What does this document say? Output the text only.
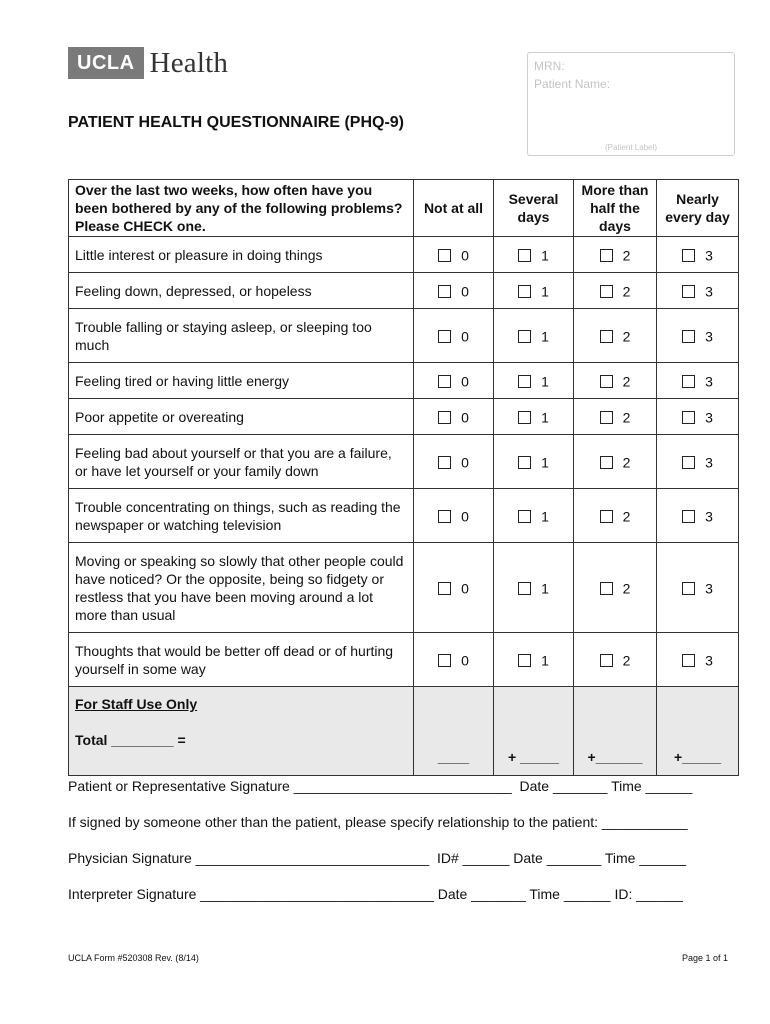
UCLA Health	MRN:
Patient Name:
(Patient Label)
PATIENT HEALTH QUESTIONNAIRE (PHQ-9)
Over the last two weeks, how often have you been bothered by any of the following problems? Please CHECK one.	Not at all	Several days	More than half the days	Nearly every day
Little interest or pleasure in doing things	0	1	2	3
Feeling down, depressed, or hopeless	0	1	2	3
Trouble falling or staying asleep, or sleeping too much	0	1	2	3
Feeling tired or having little energy	0	1	2	3
Poor appetite or overeating	0	1	2	3
Feeling bad about yourself or that you are a failure, or have let yourself or your family down	0	1	2	3
Trouble concentrating on things, such as reading the newspaper or watching television	0	1	2	3
Moving or speaking so slowly that other people could have noticed? Or the opposite, being so fidgety or restless that you have been moving around a lot more than usual	0	1	2	3
Thoughts that would be better off dead or of hurting yourself in some way	0	1	2	3

For Staff Use Only
Total ________ =	____	+ _____	+______	+_____
Patient or Representative Signature ____________________________  Date _______ Time ______
If signed by someone other than the patient, please specify relationship to the patient: ___________
Physician Signature ______________________________  ID# ______ Date _______ Time ______
Interpreter Signature ______________________________ Date _______ Time ______ ID: ______
UCLA Form #520308 Rev. (8/14)	Page 1 of 1
